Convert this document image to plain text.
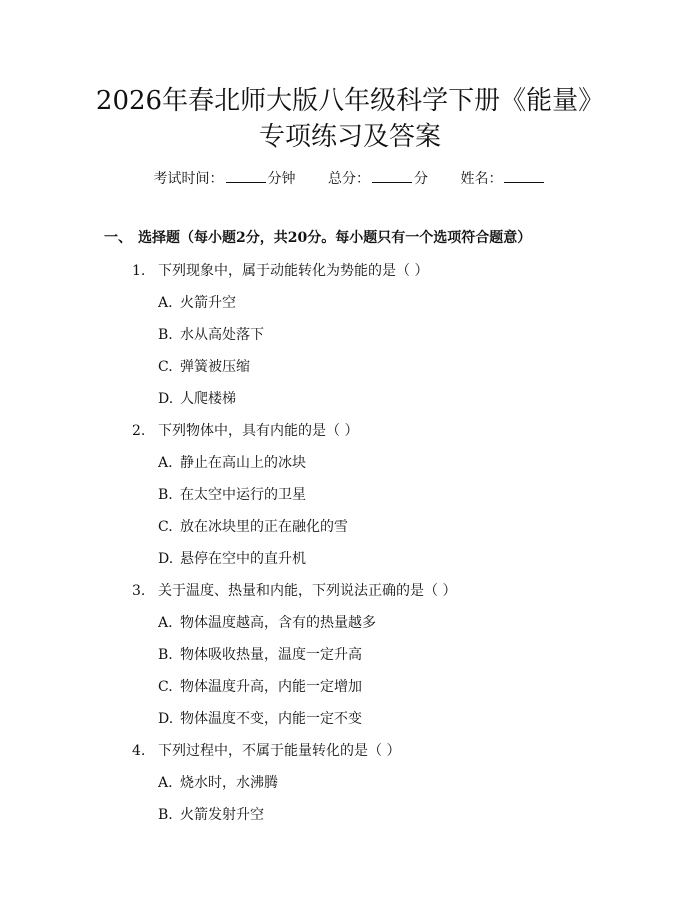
2026年春北师大版八年级科学下册《能量》
专项练习及答案
考试时间：	分钟 总分：	分 姓名：
一、 选择题（每小题2分，共20分。每小题只有一个选项符合题意）
1. 下列现象中，属于动能转化为势能的是（ ）
A. 火箭升空
B. 水从高处落下
C. 弹簧被压缩
D. 人爬楼梯
2. 下列物体中，具有内能的是（ ）
A. 静止在高山上的冰块
B. 在太空中运行的卫星
C. 放在冰块里的正在融化的雪
D. 悬停在空中的直升机
3. 关于温度、热量和内能，下列说法正确的是（ ）
A. 物体温度越高，含有的热量越多
B. 物体吸收热量，温度一定升高
C. 物体温度升高，内能一定增加
D. 物体温度不变，内能一定不变
4. 下列过程中，不属于能量转化的是（ ）
A. 烧水时，水沸腾
B. 火箭发射升空
